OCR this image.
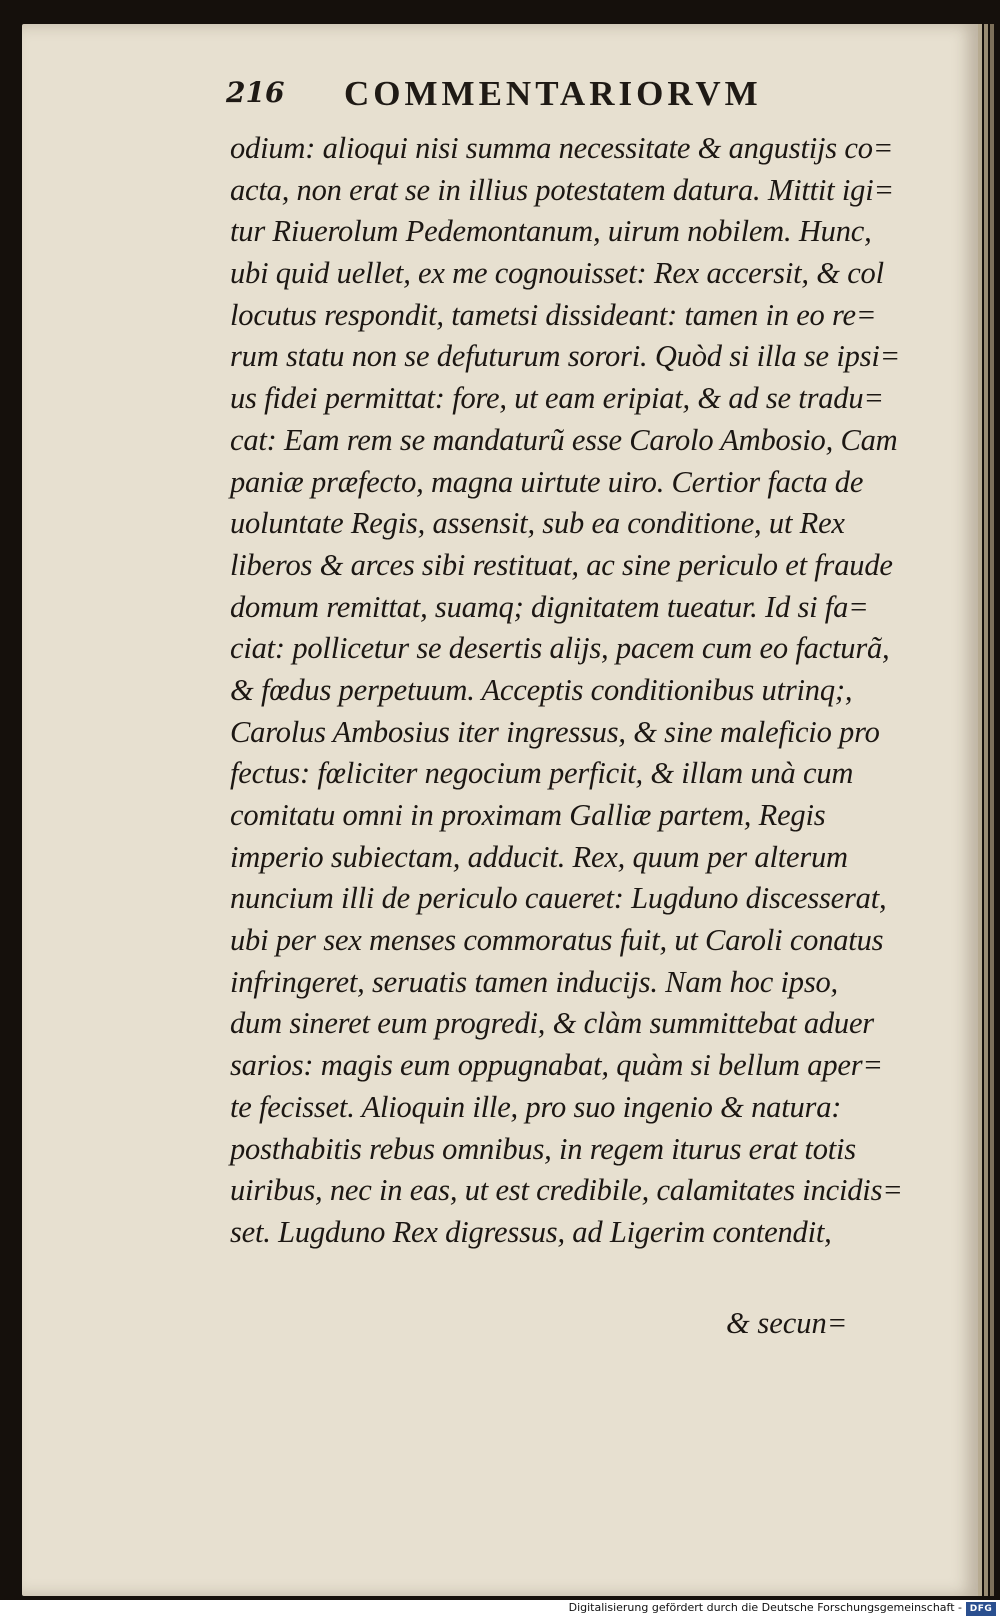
216 COMMENTARIORVM
odium: alioqui nisi summa necessitate & angustijs co=
acta, non erat se in illius potestatem datura. Mittit igi=
tur Riuerolum Pedemontanum, uirum nobilem. Hunc,
ubi quid uellet, ex me cognouisset: Rex accersit, & col
locutus respondit, tametsi dissideant: tamen in eo re=
rum statu non se defuturum sorori. Quòd si illa se ipsi=
us fidei permittat: fore, ut eam eripiat, & ad se tradu=
cat: Eam rem se mandaturũ esse Carolo Ambosio, Cam
paniæ præfecto, magna uirtute uiro. Certior facta de
uoluntate Regis, assensit, sub ea conditione, ut Rex
liberos & arces sibi restituat, ac sine periculo et fraude
domum remittat, suamq; dignitatem tueatur. Id si fa=
ciat: pollicetur se desertis alijs, pacem cum eo facturã,
& fœdus perpetuum. Acceptis conditionibus utrinq;,
Carolus Ambosius iter ingressus, & sine maleficio pro
fectus: fœliciter negocium perficit, & illam unà cum
comitatu omni in proximam Galliæ partem, Regis
imperio subiectam, adducit. Rex, quum per alterum
nuncium illi de periculo caueret: Lugduno discesserat,
ubi per sex menses commoratus fuit, ut Caroli conatus
infringeret, seruatis tamen inducijs. Nam hoc ipso,
dum sineret eum progredi, & clàm summittebat aduer
sarios: magis eum oppugnabat, quàm si bellum aper=
te fecisset. Alioquin ille, pro suo ingenio & natura:
posthabitis rebus omnibus, in regem iturus erat totis
uiribus, nec in eas, ut est credibile, calamitates incidis=
set. Lugduno Rex digressus, ad Ligerim contendit,
& secun=
Digitalisierung gefördert durch die Deutsche Forschungsgemeinschaft - DFG
